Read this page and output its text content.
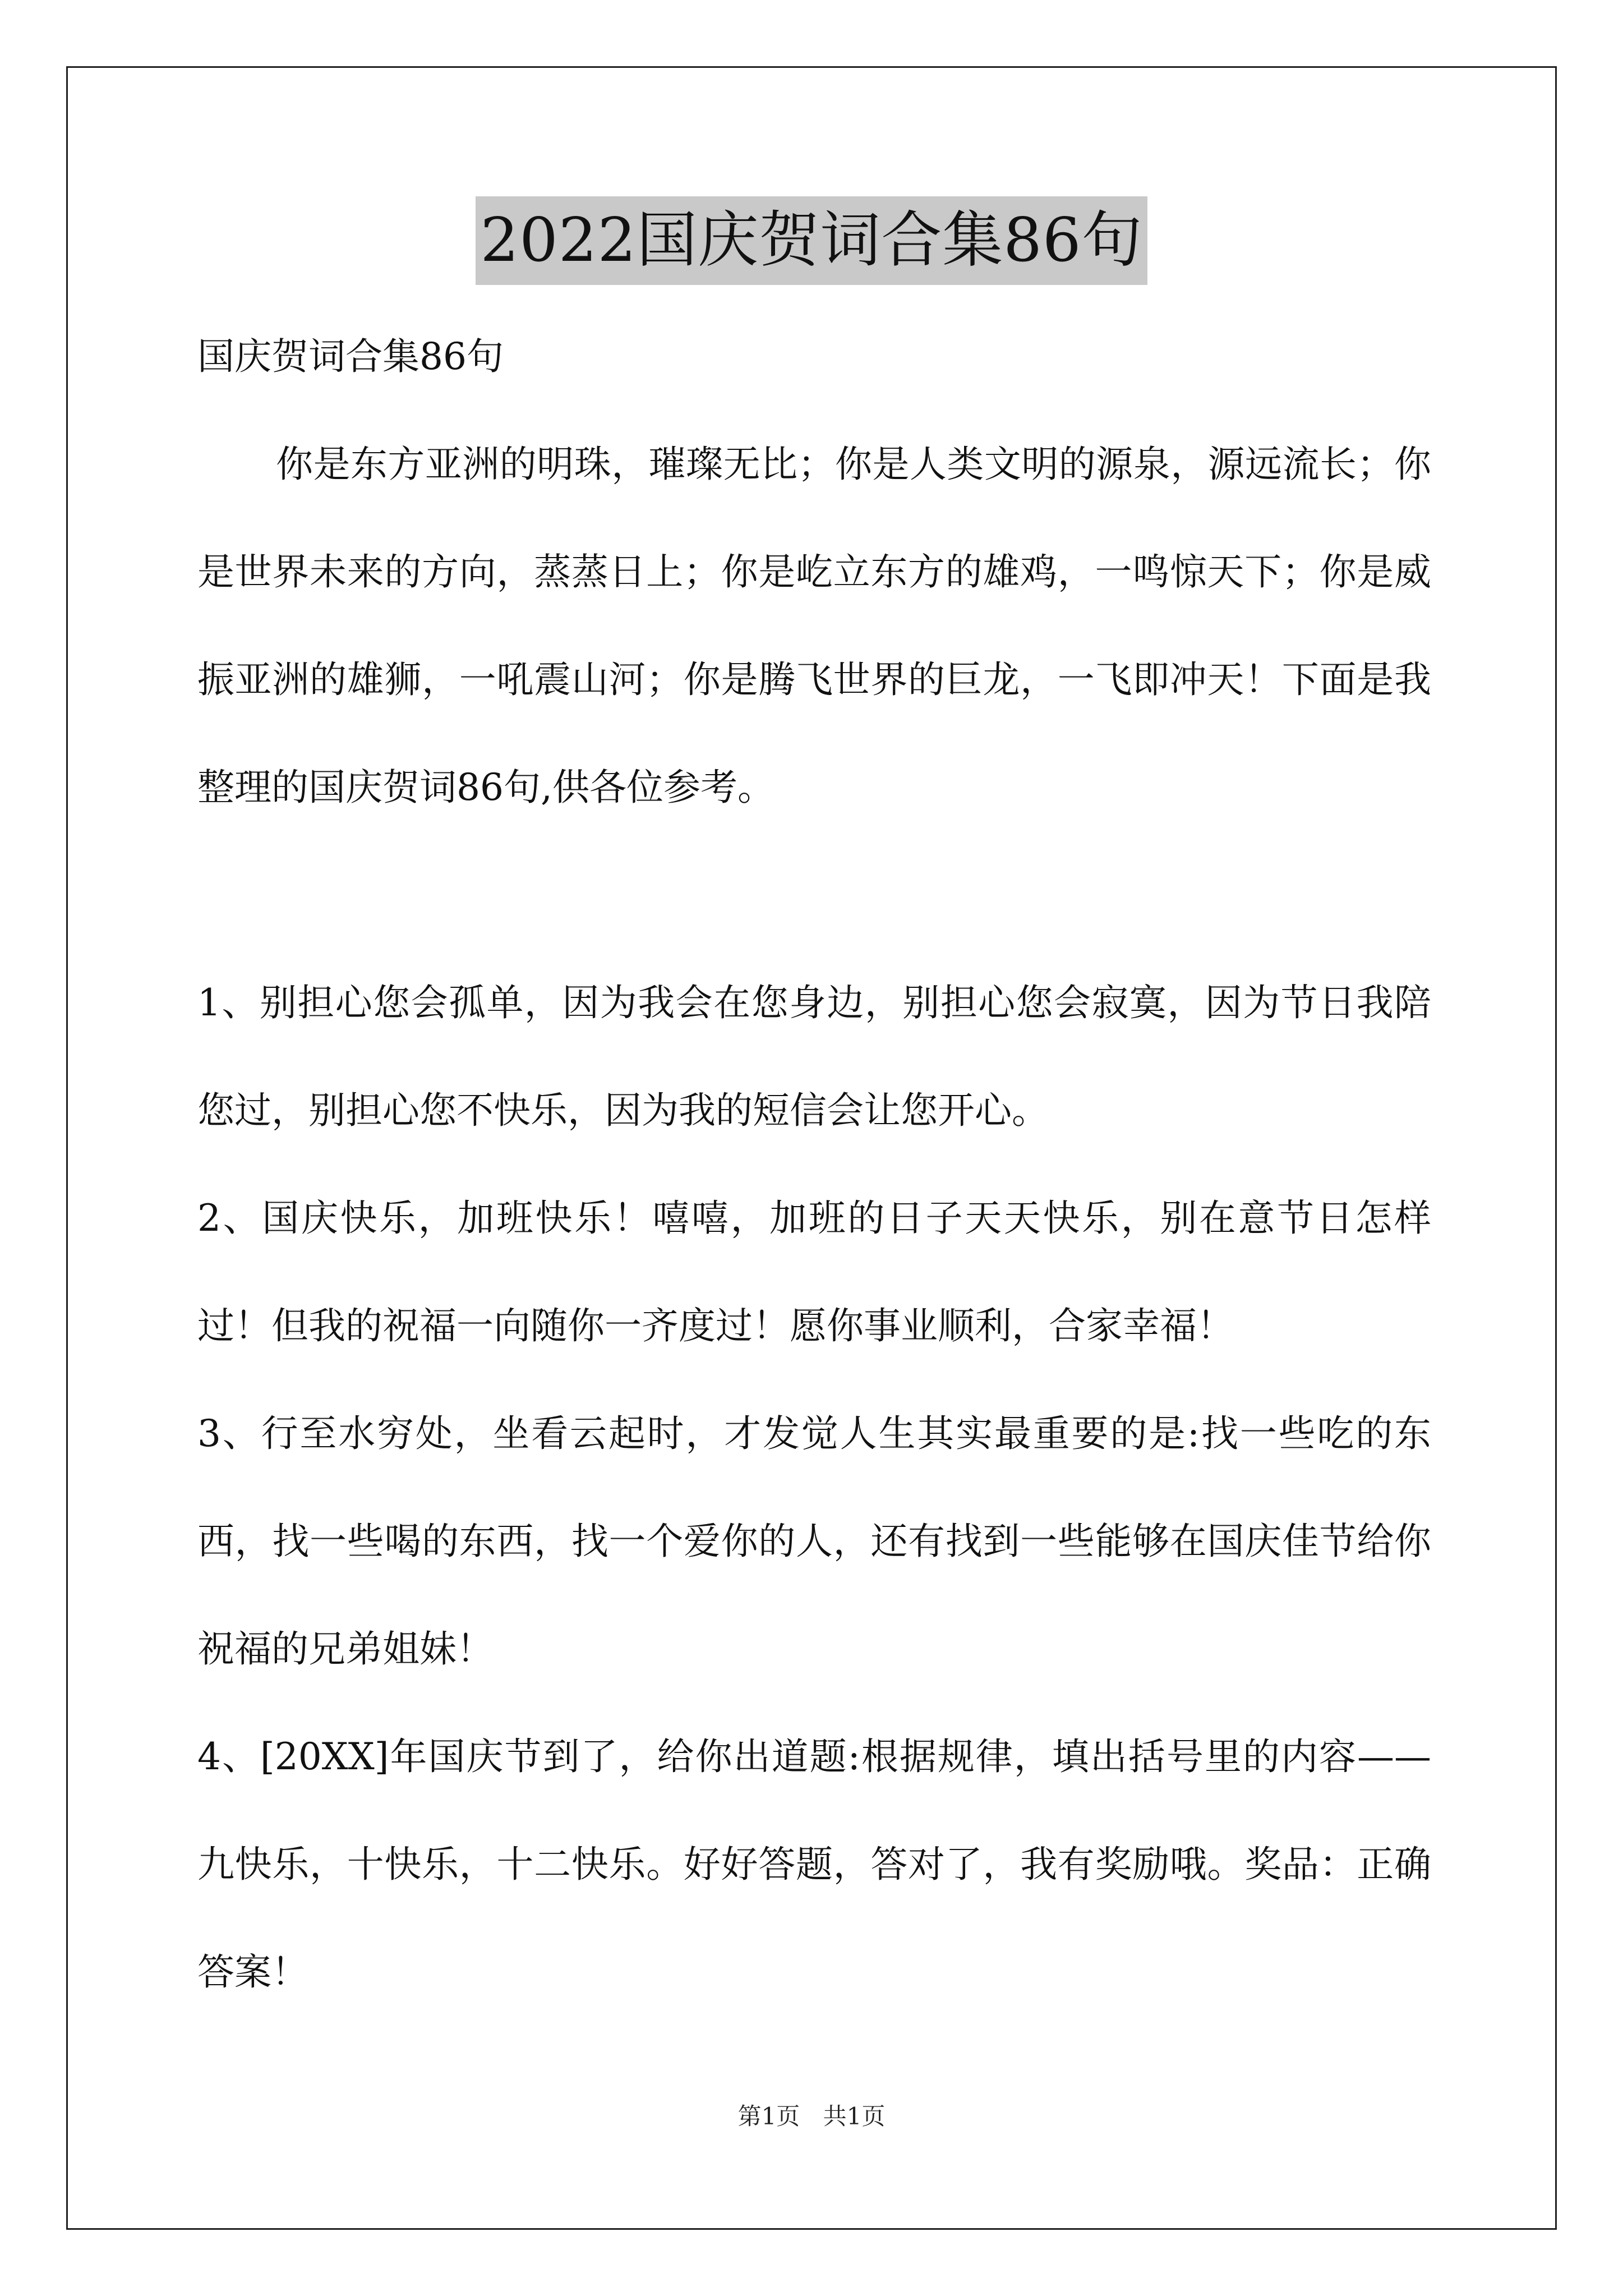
2022国庆贺词合集86句

国庆贺词合集86句

你是东方亚洲的明珠，璀璨无比；你是人类文明的源泉，源远流长；你是世界未来的方向，蒸蒸日上；你是屹立东方的雄鸡，一鸣惊天下；你是威振亚洲的雄狮，一吼震山河；你是腾飞世界的巨龙，一飞即冲天！下面是我整理的国庆贺词86句,供各位参考。

1、别担心您会孤单，因为我会在您身边，别担心您会寂寞，因为节日我陪您过，别担心您不快乐，因为我的短信会让您开心。

2、国庆快乐，加班快乐！嘻嘻，加班的日子天天快乐，别在意节日怎样过！但我的祝福一向随你一齐度过！愿你事业顺利，合家幸福！

3、行至水穷处，坐看云起时，才发觉人生其实最重要的是:找一些吃的东西，找一些喝的东西，找一个爱你的人，还有找到一些能够在国庆佳节给你祝福的兄弟姐妹！

4、[20XX]年国庆节到了，给你出道题:根据规律，填出括号里的内容——九快乐，十快乐，十二快乐。好好答题，答对了，我有奖励哦。奖品：正确答案！

第1页 共1页
